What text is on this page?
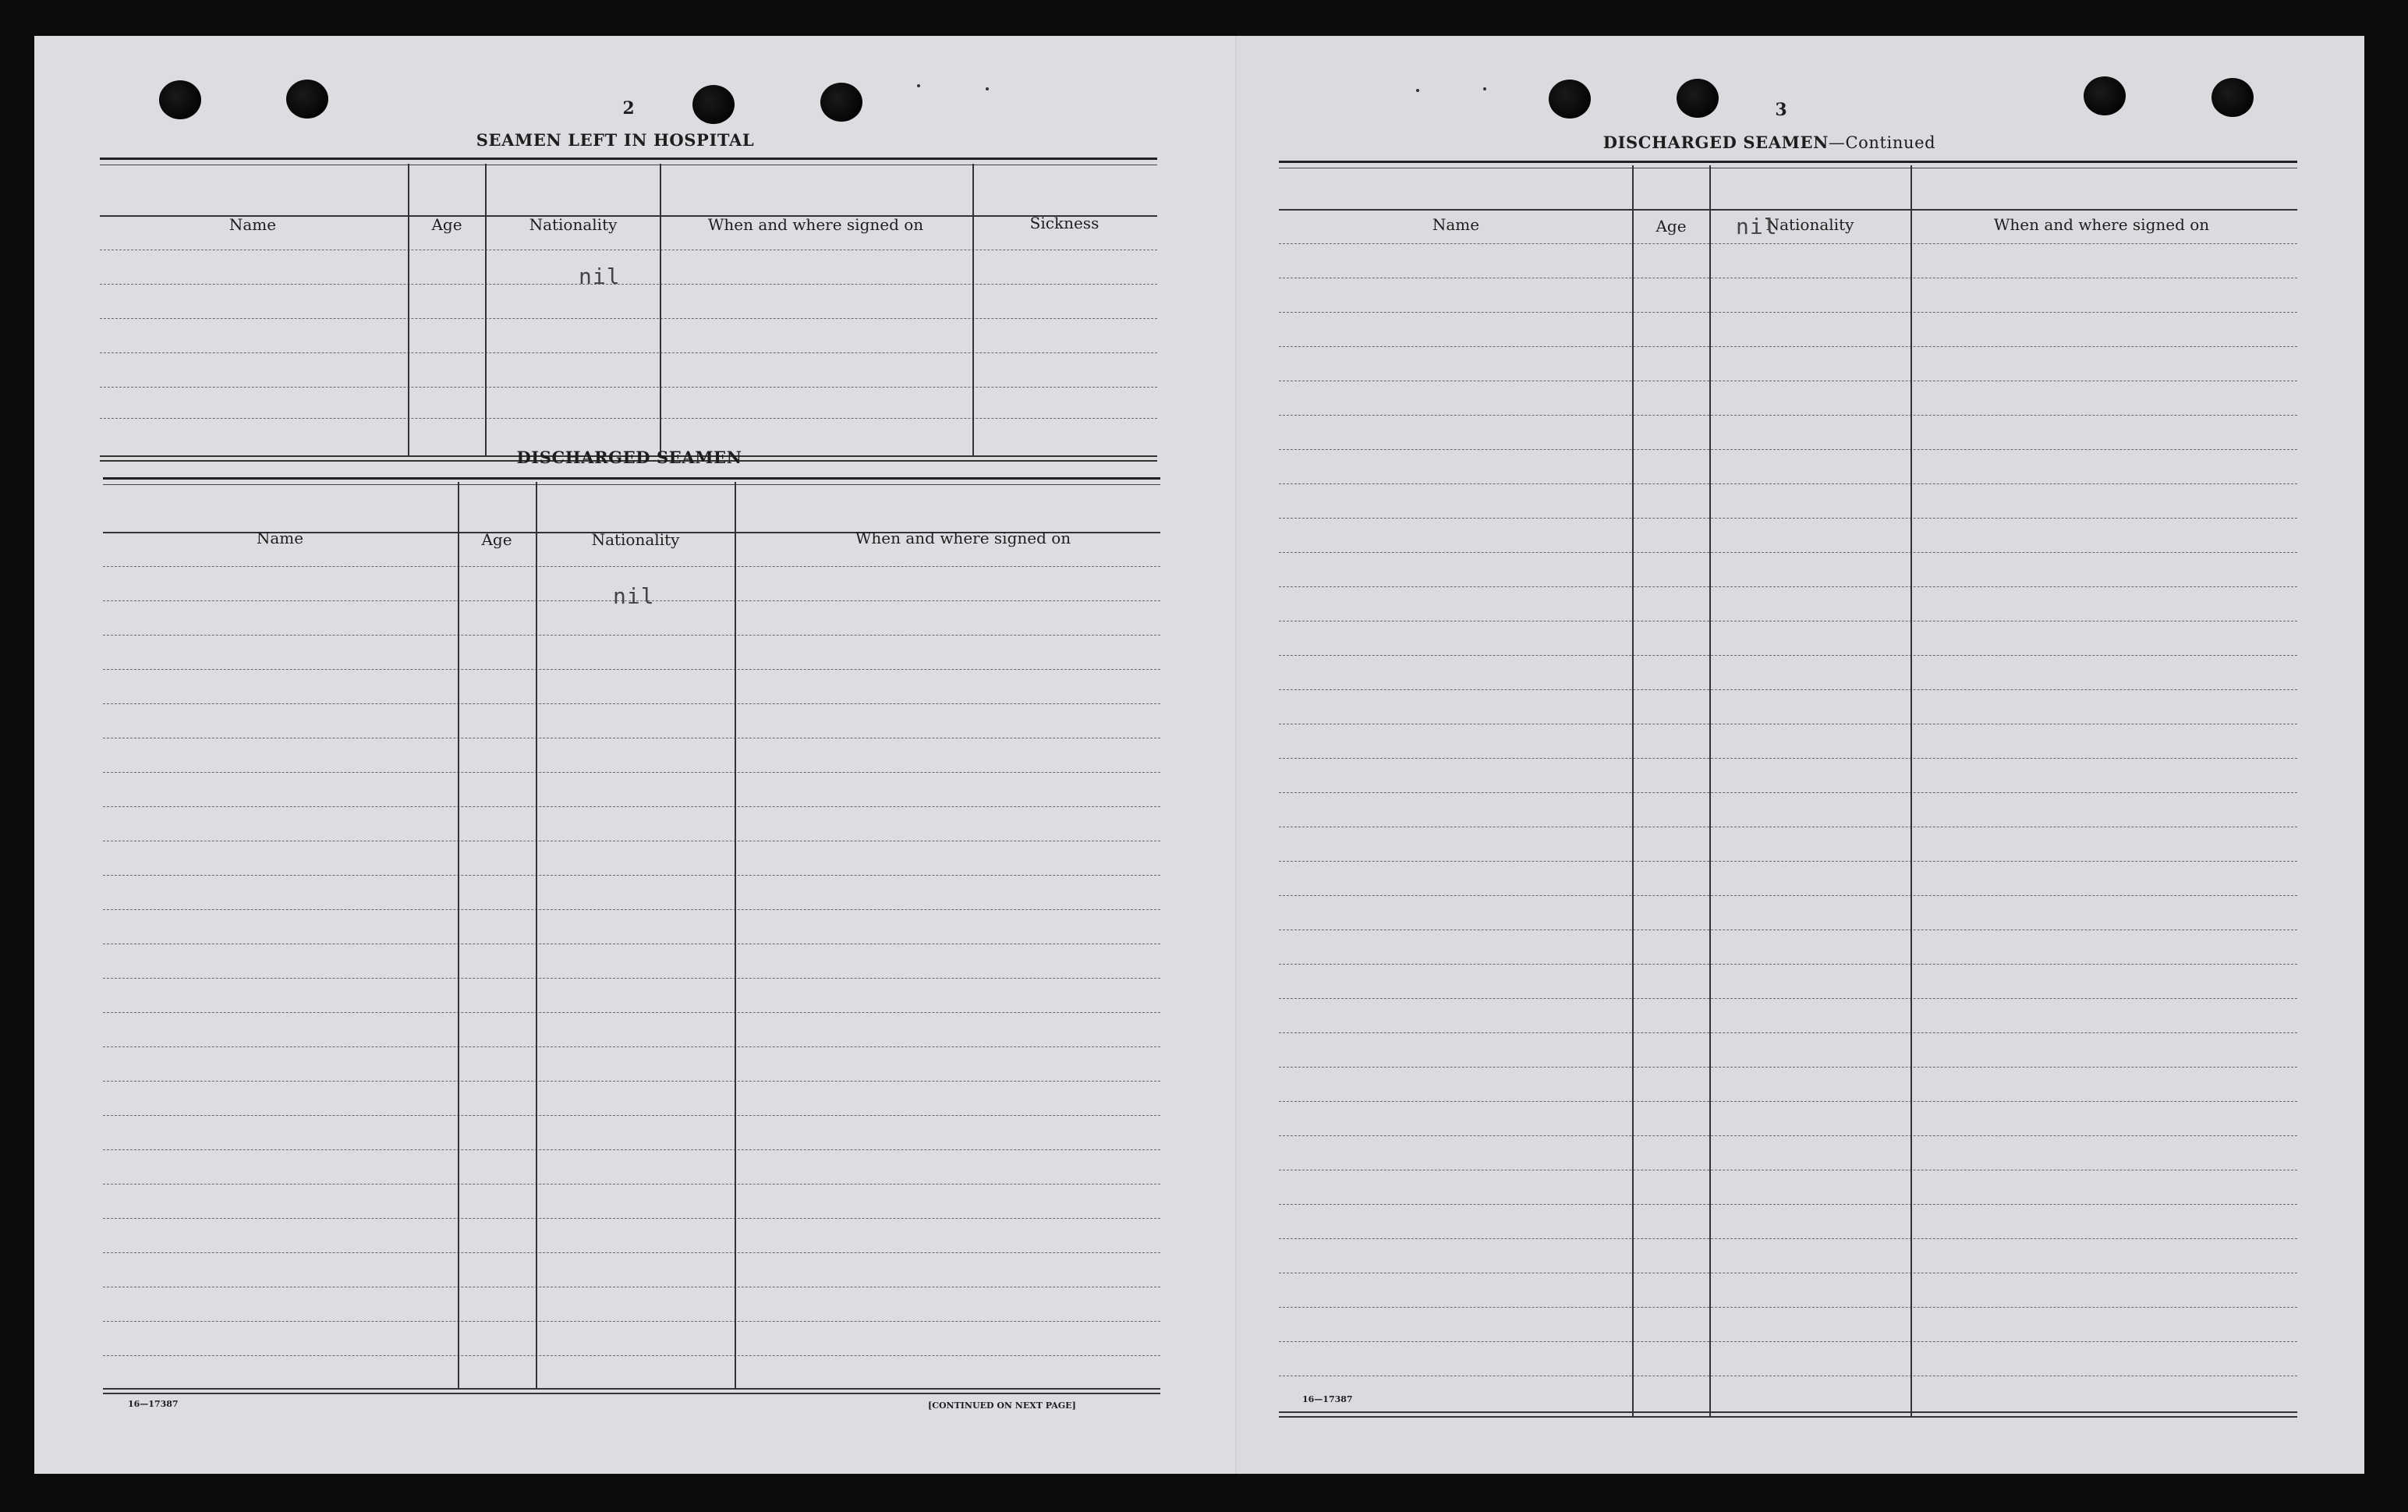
2
SEAMEN LEFT IN HOSPITAL
Name	Age	Nationality	When and where signed on	Sickness
nil
DISCHARGED SEAMEN
Name	Age	Nationality	When and where signed on
nil
16—17387	[CONTINUED ON NEXT PAGE]
3
DISCHARGED SEAMEN—Continued
Name	Age	Nationality	When and where signed on
nil
16—17387
